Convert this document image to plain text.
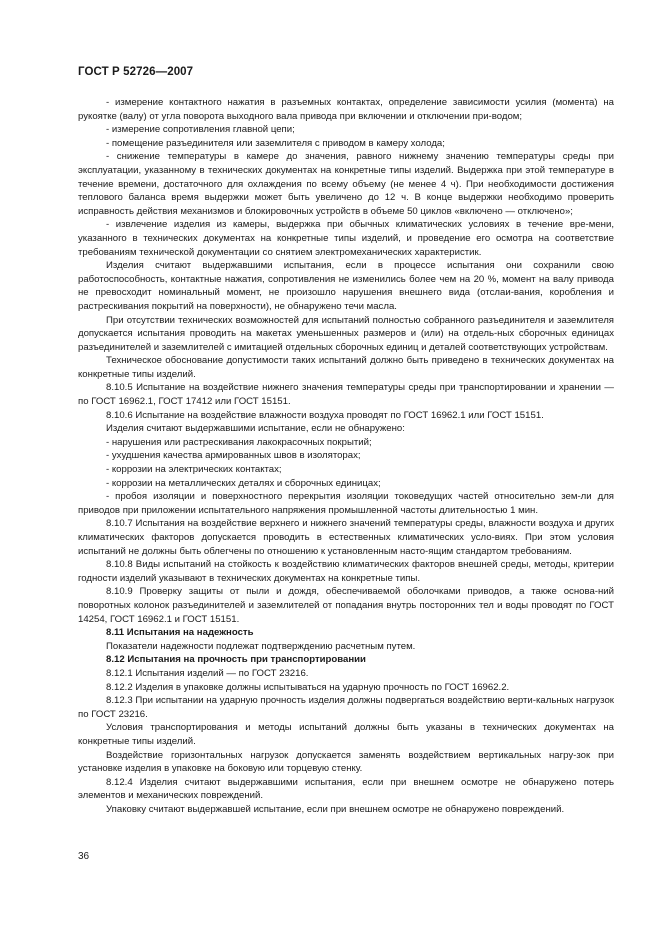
ГОСТ Р 52726—2007

- измерение контактного нажатия в разъемных контактах, определение зависимости усилия (момента) на рукоятке (валу) от угла поворота выходного вала привода при включении и отключении при-водом;

- измерение сопротивления главной цепи;

- помещение разъединителя или заземлителя с приводом в камеру холода;

- снижение температуры в камере до значения, равного нижнему значению температуры среды при эксплуатации, указанному в технических документах на конкретные типы изделий. Выдержка при этой температуре в течение времени, достаточного для охлаждения по всему объему (не менее 4 ч). При необходимости достижения теплового баланса время выдержки может быть увеличено до 12 ч. В конце выдержки необходимо проверить исправность действия механизмов и блокировочных устройств в объеме 50 циклов «включено — отключено»;

- извлечение изделия из камеры, выдержка при обычных климатических условиях в течение вре-мени, указанного в технических документах на конкретные типы изделий, и проведение его осмотра на соответствие требованиям технической документации со снятием электромеханических характеристик.

Изделия считают выдержавшими испытания, если в процессе испытания они сохранили свою работоспособность, контактные нажатия, сопротивления не изменились более чем на 20 %, момент на валу привода не превосходит номинальный момент, не произошло нарушения внешнего вида (отслаи-вания, коробления и растрескивания покрытий на поверхности), не обнаружено течи масла.

При отсутствии технических возможностей для испытаний полностью собранного разъединителя и заземлителя допускается испытания проводить на макетах уменьшенных размеров и (или) на отдель-ных сборочных единицах разъединителей и заземлителей с имитацией отдельных сборочных единиц и деталей соответствующих устройствам.

Техническое обоснование допустимости таких испытаний должно быть приведено в технических документах на конкретные типы изделий.

8.10.5 Испытание на воздействие нижнего значения температуры среды при транспортировании и хранении — по ГОСТ 16962.1, ГОСТ 17412 или ГОСТ 15151.

8.10.6 Испытание на воздействие влажности воздуха проводят по ГОСТ 16962.1 или ГОСТ 15151.

Изделия считают выдержавшими испытание, если не обнаружено:

- нарушения или растрескивания лакокрасочных покрытий;

- ухудшения качества армированных швов в изоляторах;

- коррозии на электрических контактах;

- коррозии на металлических деталях и сборочных единицах;

- пробоя изоляции и поверхностного перекрытия изоляции токоведущих частей относительно зем-ли для приводов при приложении испытательного напряжения промышленной частоты длительностью 1 мин.

8.10.7 Испытания на воздействие верхнего и нижнего значений температуры среды, влажности воздуха и других климатических факторов допускается проводить в естественных климатических усло-виях. При этом условия испытаний не должны быть облегчены по отношению к установленным насто-ящим стандартом требованиям.

8.10.8 Виды испытаний на стойкость к воздействию климатических факторов внешней среды, методы, критерии годности изделий указывают в технических документах на конкретные типы.

8.10.9 Проверку защиты от пыли и дождя, обеспечиваемой оболочками приводов, а также основа-ний поворотных колонок разъединителей и заземлителей от попадания внутрь посторонних тел и воды проводят по ГОСТ 14254, ГОСТ 16962.1 и ГОСТ 15151.

8.11 Испытания на надежность

Показатели надежности подлежат подтверждению расчетным путем.

8.12 Испытания на прочность при транспортировании

8.12.1 Испытания изделий — по ГОСТ 23216.

8.12.2 Изделия в упаковке должны испытываться на ударную прочность по ГОСТ 16962.2.

8.12.3 При испытании на ударную прочность изделия должны подвергаться воздействию верти-кальных нагрузок по ГОСТ 23216.

Условия транспортирования и методы испытаний должны быть указаны в технических документах на конкретные типы изделий.

Воздействие горизонтальных нагрузок допускается заменять воздействием вертикальных нагру-зок при установке изделия в упаковке на боковую или торцевую стенку.

8.12.4 Изделия считают выдержавшими испытания, если при внешнем осмотре не обнаружено потерь элементов и механических повреждений.

Упаковку считают выдержавшей испытание, если при внешнем осмотре не обнаружено повреждений.

36
